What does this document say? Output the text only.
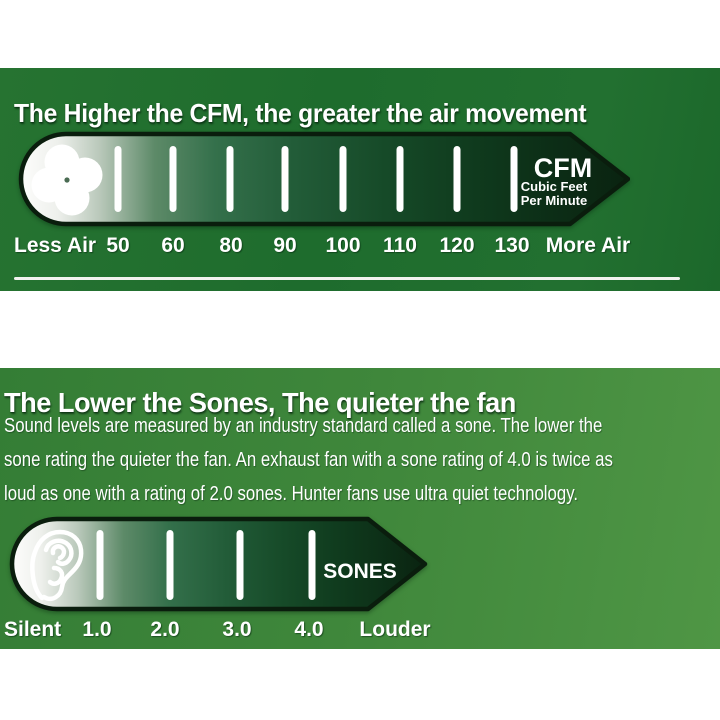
The Higher the CFM, the greater the air movement
CFM
Cubic Feet
Per Minute
Less Air 50 60 80 90 100 110 120 130 More Air
The Lower the Sones, The quieter the fan
Sound levels are measured by an industry standard called a sone. The lower the
sone rating the quieter the fan. An exhaust fan with a sone rating of 4.0 is twice as
loud as one with a rating of 2.0 sones. Hunter fans use ultra quiet technology.
SONES
Silent 1.0 2.0 3.0 4.0 Louder
